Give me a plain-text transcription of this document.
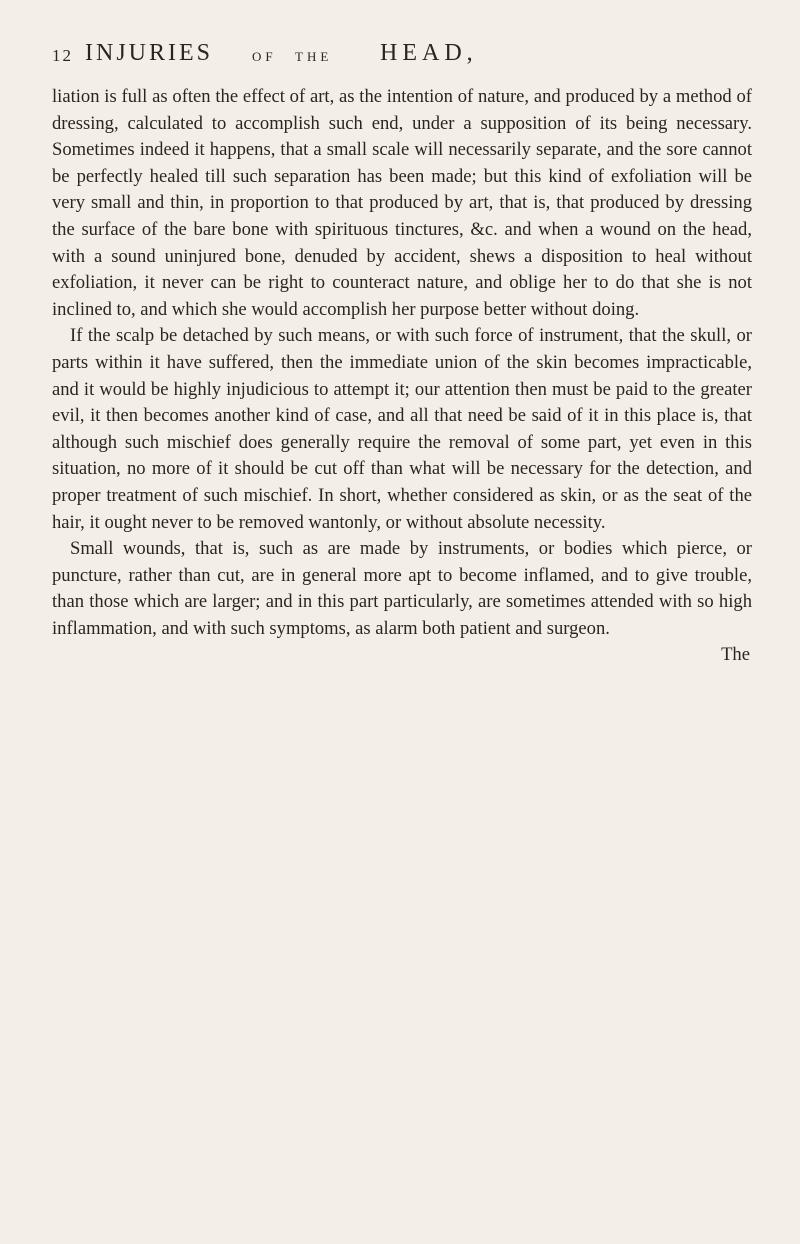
12 INJURIES	OF THE HEAD,

liation is full as often the effect of art, as the intention of nature, and produced by a method of dressing, calculated to accomplish such end, under a supposition of its being necessary. Sometimes indeed it happens, that a small scale will necessarily separate, and the sore cannot be perfectly healed till such separation has been made; but this kind of exfoliation will be very small and thin, in proportion to that produced by art, that is, that produced by dressing the surface of the bare bone with spirituous tinctures, &c. and when a wound on the head, with a sound uninjured bone, denuded by accident, shews a disposition to heal without exfoliation, it never can be right to counteract nature, and oblige her to do that she is not inclined to, and which she would accomplish her purpose better without doing.

If the scalp be detached by such means, or with such force of instrument, that the skull, or parts within it have suffered, then the immediate union of the skin becomes impracticable, and it would be highly injudicious to attempt it; our attention then must be paid to the greater evil, it then becomes another kind of case, and all that need be said of it in this place is, that although such mischief does generally require the removal of some part, yet even in this situation, no more of it should be cut off than what will be necessary for the detection, and proper treatment of such mischief. In short, whether considered as skin, or as the seat of the hair, it ought never to be removed wantonly, or without absolute necessity.

Small wounds, that is, such as are made by instruments, or bodies which pierce, or puncture, rather than cut, are in general more apt to become inflamed, and to give trouble, than those which are larger; and in this part particularly, are sometimes attended with so high inflammation, and with such symptoms, as alarm both patient and surgeon.

The
